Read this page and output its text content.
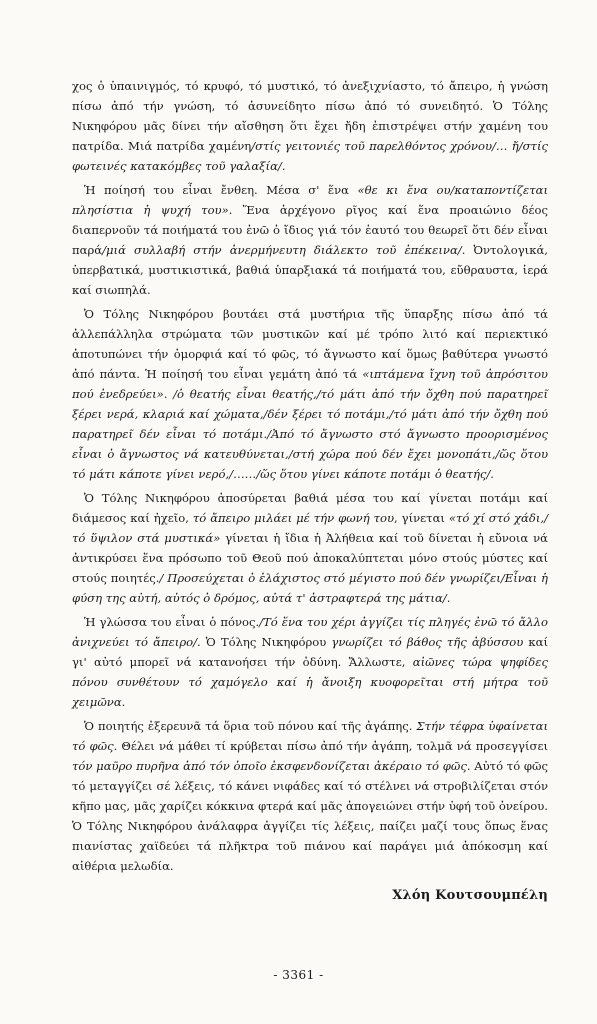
χος ὁ ὑπαινιγμός, τό κρυφό, τό μυστικό, τό ἀνεξιχνίαστο, τό ἄπειρο, ἡ γνώση πίσω ἀπό τήν γνώση, τό ἀσυνείδητο πίσω ἀπό τό συνειδητό. Ὁ Τόλης Νικηφόρου μᾶς δίνει τήν αἴσθηση ὅτι ἔχει ἤδη ἐπιστρέψει στήν χαμένη του πατρίδα. Μιά πατρίδα χαμένη/στίς γειτονιές τοῦ παρελθόντος χρόνου/… ἤ/στίς φωτεινές κατακόμβες τοῦ γαλαξία/.

Ἡ ποίησή του εἶναι ἔνθεη. Μέσα σ' ἕνα «θε κι ἕνα ου/καταποντίζεται πλησίστια ἡ ψυχή του». Ἕνα ἀρχέγονο ρῖγος καί ἕνα προαιώνιο δέος διαπερνοῦν τά ποιήματά του ἐνῶ ὁ ἴδιος γιά τόν ἑαυτό του θεωρεῖ ὅτι δέν εἶναι παρά/μιά συλλαβή στήν ἀνερμήνευτη διάλεκτο τοῦ ἐπέκεινα/. Ὀντολογικά, ὑπερβατικά, μυστικιστικά, βαθιά ὑπαρξιακά τά ποιήματά του, εὔθραυστα, ἱερά καί σιωπηλά.

Ὁ Τόλης Νικηφόρου βουτάει στά μυστήρια τῆς ὕπαρξης πίσω ἀπό τά ἀλλεπάλληλα στρώματα τῶν μυστικῶν καί μέ τρόπο λιτό καί περιεκτικό ἀποτυπώνει τήν ὀμορφιά καί τό φῶς, τό ἄγνωστο καί ὅμως βαθύτερα γνωστό ἀπό πάντα. Ἡ ποίησή του εἶναι γεμάτη ἀπό τά «ιπτάμενα ἴχνη τοῦ ἀπρόσιτου πού ἐνεδρεύει». /ὁ θεατής εἶναι θεατής,/τό μάτι ἀπό τήν ὄχθη πού παρατηρεῖ ξέρει νερά, κλαριά καί χώματα,/δέν ξέρει τό ποτάμι,/τό μάτι ἀπό τήν ὄχθη πού παρατηρεῖ δέν εἶναι τό ποτάμι./Ἀπό τό ἄγνωστο στό ἄγνωστο προορισμένος εἶναι ὁ ἄγνωστος νά κατευθύνεται,/στή χώρα πού δέν ἔχει μονοπάτι,/ὥς ὅτου τό μάτι κάποτε γίνει νερό,/……/ὥς ὅτου γίνει κάποτε ποτάμι ὁ θεατής/.

Ὁ Τόλης Νικηφόρου ἀποσύρεται βαθιά μέσα του καί γίνεται ποτάμι καί διάμεσος καί ἠχεῖο, τό ἄπειρο μιλάει μέ τήν φωνή του, γίνεται «τό χί στό χάδι,/τό ὕψιλον στά μυστικά» γίνεται ἡ ἴδια ἡ Ἀλήθεια καί τοῦ δίνεται ἡ εὔνοια νά ἀντικρύσει ἕνα πρόσωπο τοῦ Θεοῦ πού ἀποκαλύπτεται μόνο στούς μύστες καί στούς ποιητές./ Προσεύχεται ὁ ἐλάχιστος στό μέγιστο πού δέν γνωρίζει/Εἶναι ἡ φύση της αὐτή, αὐτός ὁ δρόμος, αὐτά τ' ἀστραφτερά της μάτια/.

Ἡ γλώσσα του εἶναι ὁ πόνος./Τό ἕνα του χέρι ἀγγίζει τίς πληγές ἐνῶ τό ἄλλο ἀνιχνεύει τό ἄπειρο/. Ὁ Τόλης Νικηφόρου γνωρίζει τό βάθος τῆς ἀβύσσου καί γι' αὐτό μπορεῖ νά κατανοήσει τήν ὀδύνη. Ἄλλωστε, αἰῶνες τώρα ψηφίδες πόνου συνθέτουν τό χαμόγελο καί ἡ ἄνοιξη κυοφορεῖται στή μήτρα τοῦ χειμῶνα.

Ὁ ποιητής ἐξερευνᾶ τά ὅρια τοῦ πόνου καί τῆς ἀγάπης. Στήν τέφρα ὑφαίνεται τό φῶς. Θέλει νά μάθει τί κρύβεται πίσω ἀπό τήν ἀγάπη, τολμᾶ νά προσεγγίσει τόν μαῦρο πυρῆνα ἀπό τόν ὁποῖο ἐκσφενδονίζεται ἀκέραιο τό φῶς. Αὐτό τό φῶς τό μεταγγίζει σέ λέξεις, τό κάνει νιφάδες καί τό στέλνει νά στροβιλίζεται στόν κῆπο μας, μᾶς χαρίζει κόκκινα φτερά καί μᾶς ἀπογειώνει στήν ὑφή τοῦ ὀνείρου. Ὁ Τόλης Νικηφόρου ἀνάλαφρα ἀγγίζει τίς λέξεις, παίζει μαζί τους ὅπως ἕνας πιανίστας χαϊδεύει τά πλῆκτρα τοῦ πιάνου καί παράγει μιά ἀπόκοσμη καί αἰθέρια μελωδία.

Χλόη Κουτσουμπέλη
- 3361 -
